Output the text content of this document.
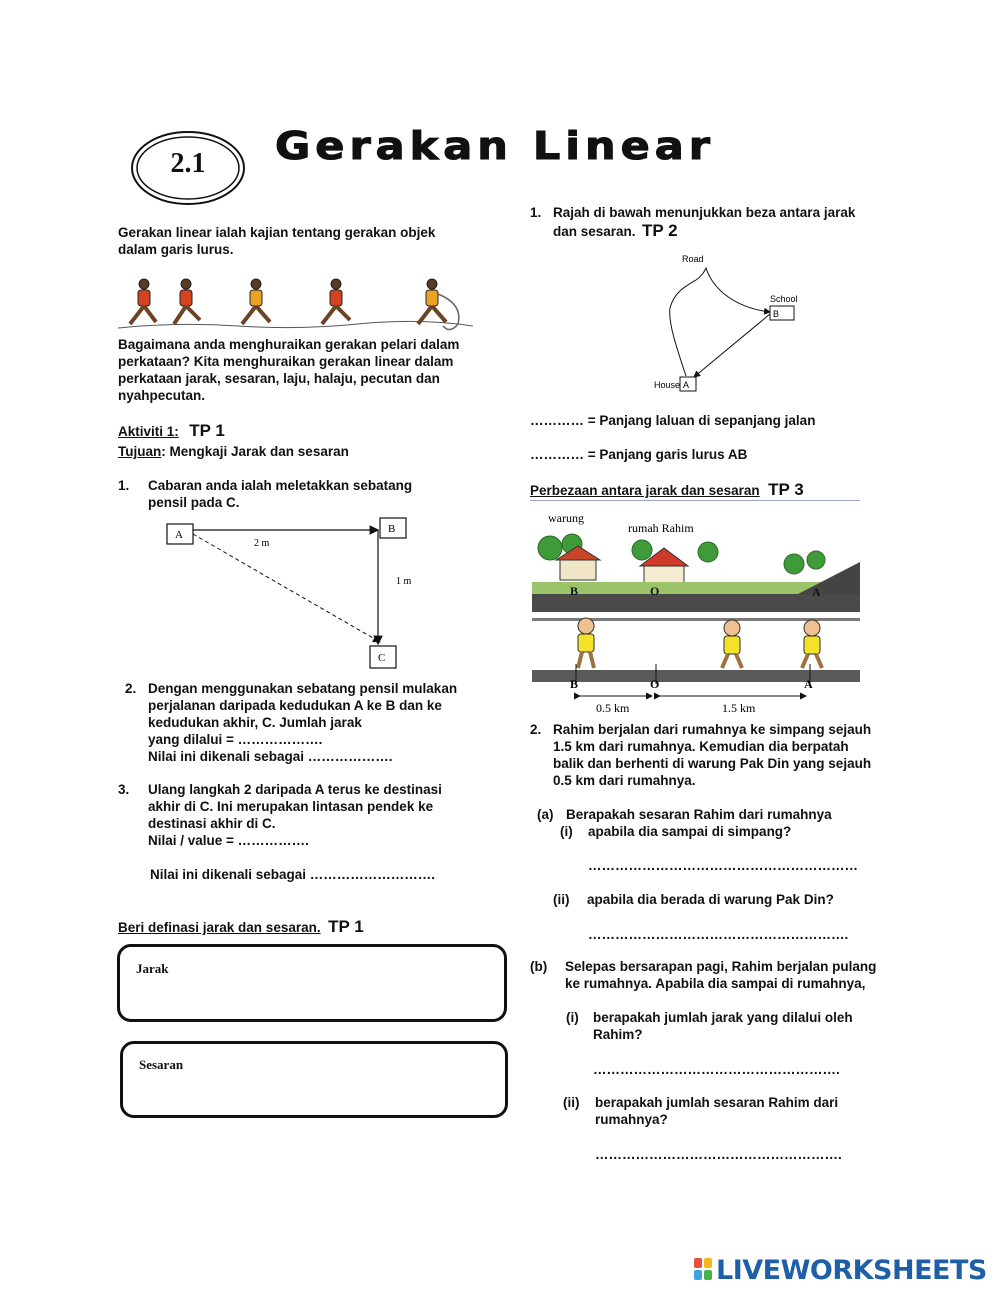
2.1	Gerakan Linear
Gerakan linear ialah kajian tentang gerakan objek dalam garis lurus.
Bagaimana anda menghuraikan gerakan pelari dalam perkataan? Kita menghuraikan gerakan linear dalam perkataan jarak, sesaran, laju, halaju, pecutan dan nyahpecutan.
Aktiviti 1: TP 1
Tujuan: Mengkaji Jarak dan sesaran
1. Cabaran anda ialah meletakkan sebatang pensil pada C.
A	B
C
2 m
1 m
2. Dengan menggunakan sebatang pensil mulakan perjalanan daripada kedudukan A ke B dan ke kedudukan akhir, C. Jumlah jarak
yang dilalui = ……………….
Nilai ini dikenali sebagai ……………….
3. Ulang langkah 2 daripada A terus ke destinasi akhir di C. Ini merupakan lintasan pendek ke destinasi akhir di C.
Nilai / value = …………….
Nilai ini dikenali sebagai ……………………….
Beri definasi jarak dan sesaran. TP 1
Jarak
Sesaran
1. Rajah di bawah menunjukkan beza antara jarak
dan sesaran. TP 2
Road
School
House
B
A
………… = Panjang laluan di sepanjang jalan
………… = Panjang garis lurus AB
Perbezaan antara jarak dan sesaran TP 3
warung
rumah Rahim
B	O	A
B	O	A
0.5 km	1.5 km
2. Rahim berjalan dari rumahnya ke simpang sejauh 1.5 km dari rumahnya. Kemudian dia berpatah balik dan berhenti di warung Pak Din yang sejauh 0.5 km dari rumahnya.
(a) Berapakah sesaran Rahim dari rumahnya
(i) apabila dia sampai di simpang?
……………………………………………………
(ii) apabila dia berada di warung Pak Din?
………………………………………………….
(b) Selepas bersarapan pagi, Rahim berjalan pulang ke rumahnya. Apabila dia sampai di rumahnya,
(i) berapakah jumlah jarak yang dilalui oleh Rahim?
……………………………………………….
(ii) berapakah jumlah sesaran Rahim dari rumahnya?
……………………………………………….
LIVEWORKSHEETS
